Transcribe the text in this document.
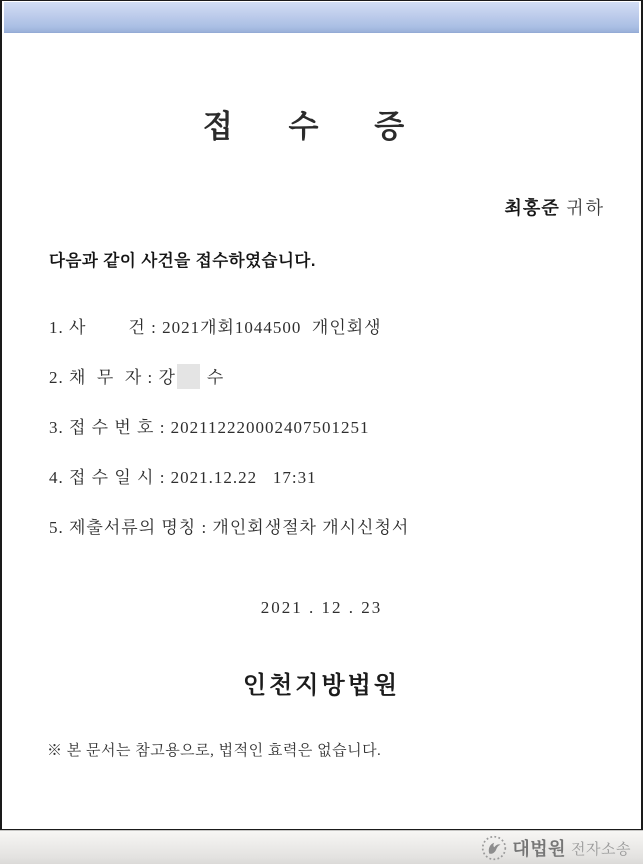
접 수 증
최홍준 귀하
다음과 같이 사건을 접수하였습니다.
1. 사        건 : 2021개회1044500  개인회생
2. 채  무  자 : 강 수
3. 접 수 번 호 : 202112220002407501251
4. 접 수 일 시 : 2021.12.22   17:31
5. 제출서류의 명칭 : 개인회생절차 개시신청서
2021 . 12 . 23
인천지방법원
※ 본 문서는 참고용으로, 법적인 효력은 없습니다.
대법원 전자소송
